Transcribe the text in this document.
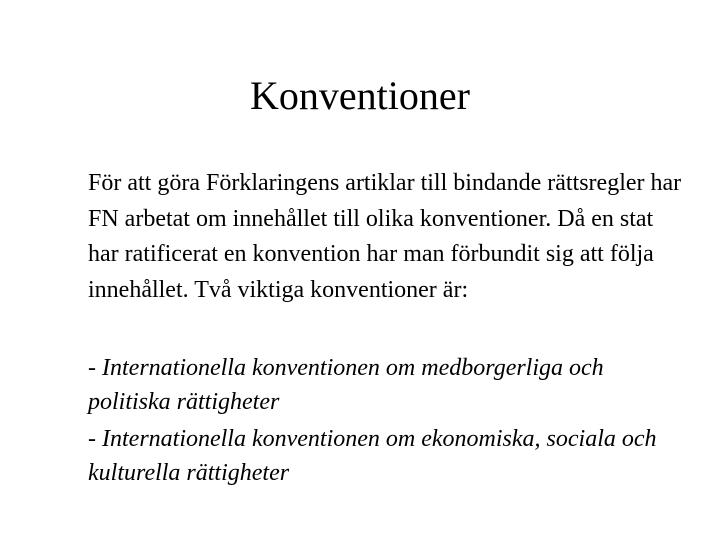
Konventioner

För att göra Förklaringens artiklar till bindande rättsregler har FN arbetat om innehållet till olika konventioner. Då en stat har ratificerat en konvention har man förbundit sig att följa innehållet. Två viktiga konventioner är:

- Internationella konventionen om medborgerliga och politiska rättigheter
- Internationella konventionen om ekonomiska, sociala och kulturella rättigheter
